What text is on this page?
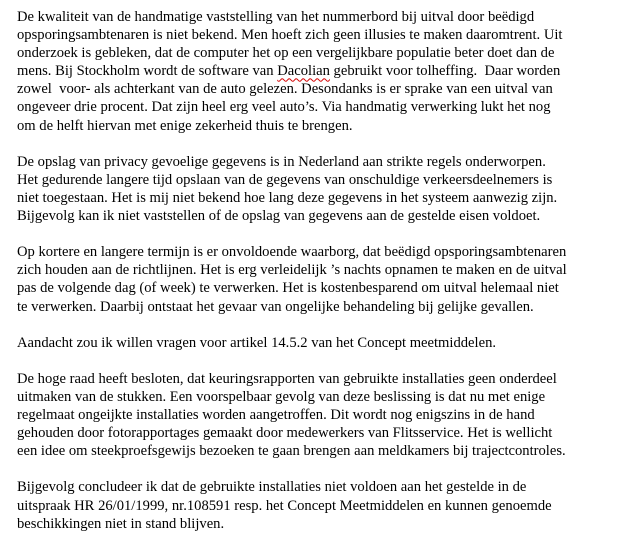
De kwaliteit van de handmatige vaststelling van het nummerbord bij uitval door beëdigd
opsporingsambtenaren is niet bekend. Men hoeft zich geen illusies te maken daaromtrent. Uit
onderzoek is gebleken, dat de computer het op een vergelijkbare populatie beter doet dan de
mens. Bij Stockholm wordt de software van Dacolian gebruikt voor tolheffing.  Daar worden
zowel  voor- als achterkant van de auto gelezen. Desondanks is er sprake van een uitval van
ongeveer drie procent. Dat zijn heel erg veel auto’s. Via handmatig verwerking lukt het nog
om de helft hiervan met enige zekerheid thuis te brengen.

De opslag van privacy gevoelige gegevens is in Nederland aan strikte regels onderworpen.
Het gedurende langere tijd opslaan van de gegevens van onschuldige verkeersdeelnemers is
niet toegestaan. Het is mij niet bekend hoe lang deze gegevens in het systeem aanwezig zijn.
Bijgevolg kan ik niet vaststellen of de opslag van gegevens aan de gestelde eisen voldoet.

Op kortere en langere termijn is er onvoldoende waarborg, dat beëdigd opsporingsambtenaren
zich houden aan de richtlijnen. Het is erg verleidelijk ’s nachts opnamen te maken en de uitval
pas de volgende dag (of week) te verwerken. Het is kostenbesparend om uitval helemaal niet
te verwerken. Daarbij ontstaat het gevaar van ongelijke behandeling bij gelijke gevallen.

Aandacht zou ik willen vragen voor artikel 14.5.2 van het Concept meetmiddelen.

De hoge raad heeft besloten, dat keuringsrapporten van gebruikte installaties geen onderdeel
uitmaken van de stukken. Een voorspelbaar gevolg van deze beslissing is dat nu met enige
regelmaat ongeijkte installaties worden aangetroffen. Dit wordt nog enigszins in de hand
gehouden door fotorapportages gemaakt door medewerkers van Flitsservice. Het is wellicht
een idee om steekproefsgewijs bezoeken te gaan brengen aan meldkamers bij trajectcontroles.

Bijgevolg concludeer ik dat de gebruikte installaties niet voldoen aan het gestelde in de
uitspraak HR 26/01/1999, nr.108591 resp. het Concept Meetmiddelen en kunnen genoemde
beschikkingen niet in stand blijven.
